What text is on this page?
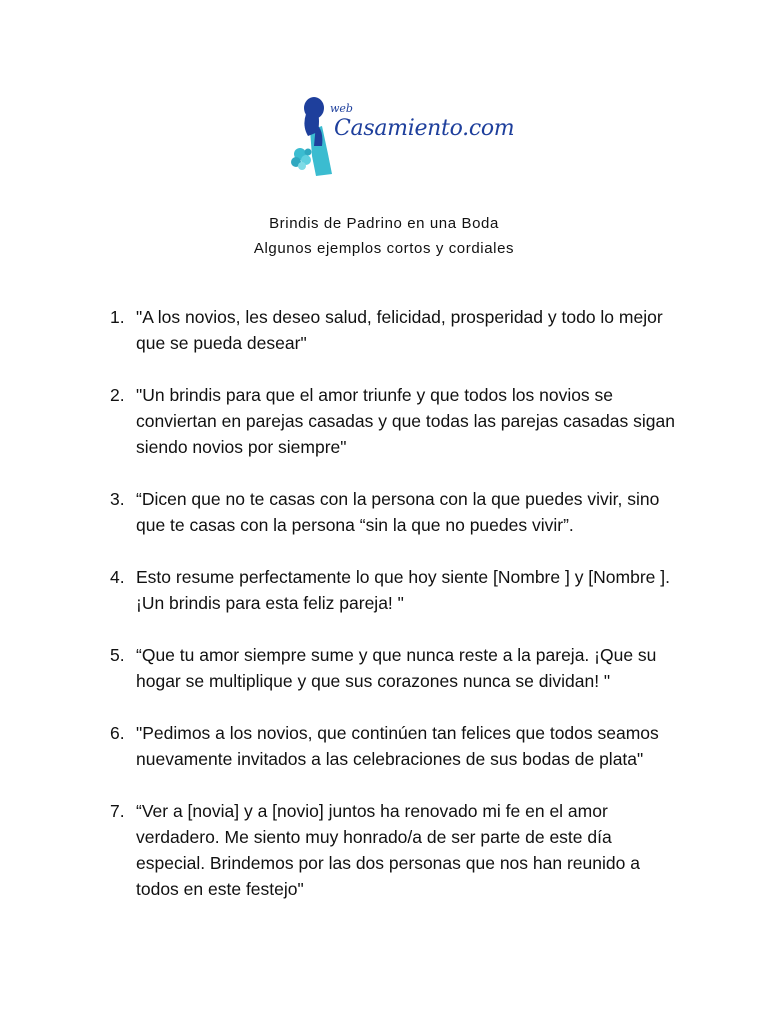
web
Casamiento.com
Brindis de Padrino en una Boda
Algunos ejemplos cortos y cordiales
1. "A los novios, les deseo salud, felicidad, prosperidad y todo lo mejor que se pueda desear"
2. "Un brindis para que el amor triunfe y que todos los novios se conviertan en parejas casadas y que todas las parejas casadas sigan siendo novios por siempre"
3. “Dicen que no te casas con la persona con la que puedes vivir, sino que te casas con la persona “sin la que no puedes vivir”.
4. Esto resume perfectamente lo que hoy siente [Nombre ] y [Nombre ]. ¡Un brindis para esta feliz pareja! "
5. “Que tu amor siempre sume y que nunca reste a la pareja. ¡Que su hogar se multiplique y que sus corazones nunca se dividan! "
6. "Pedimos a los novios, que continúen tan felices que todos seamos nuevamente invitados a las celebraciones de sus bodas de plata"
7. “Ver a [novia] y a [novio] juntos ha renovado mi fe en el amor verdadero. Me siento muy honrado/a de ser parte de este día especial. Brindemos por las dos personas que nos han reunido a todos en este festejo"
